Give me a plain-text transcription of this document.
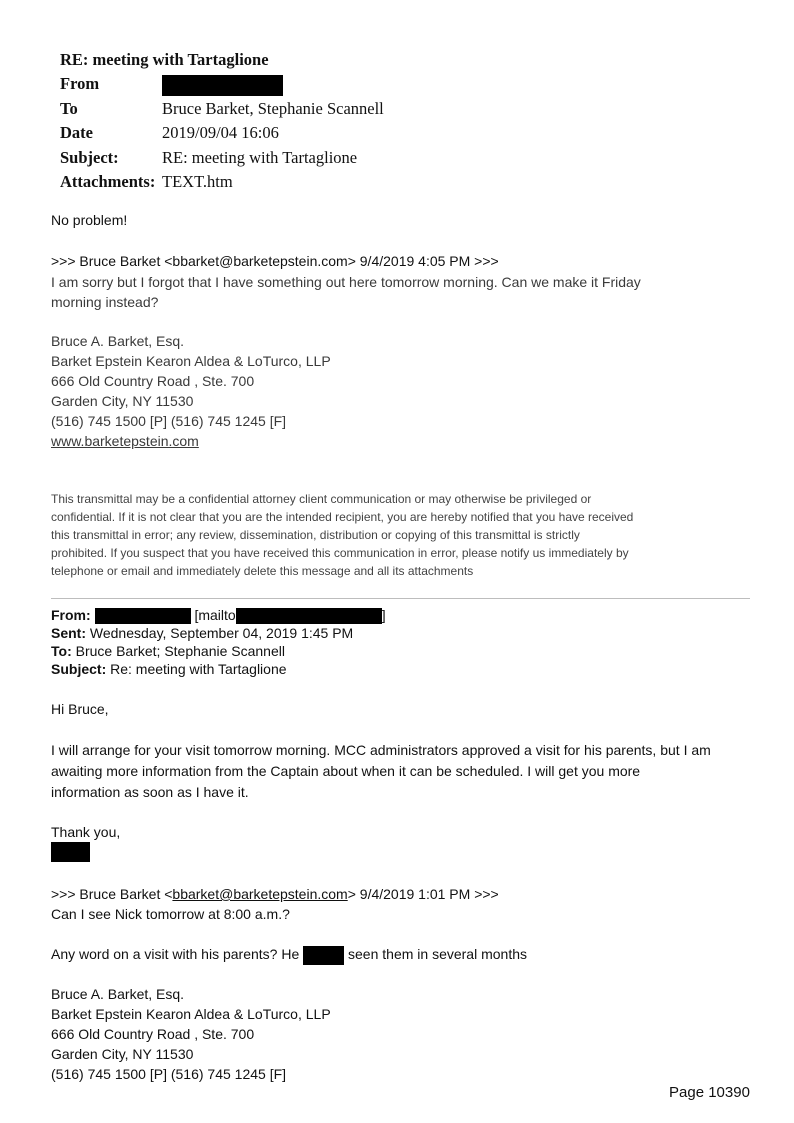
RE: meeting with Tartaglione
From
To	Bruce Barket, Stephanie Scannell
Date	2019/09/04 16:06
Subject:	RE: meeting with Tartaglione
Attachments: TEXT.htm
No problem!
>>> Bruce Barket <bbarket@barketepstein.com> 9/4/2019 4:05 PM >>>
I am sorry but I forgot that I have something out here tomorrow morning. Can we make it Friday
morning instead?
Bruce A. Barket, Esq.
Barket Epstein Kearon Aldea & LoTurco, LLP
666 Old Country Road , Ste. 700
Garden City, NY 11530
(516) 745 1500 [P] (516) 745 1245 [F]
www.barketepstein.com
This transmittal may be a confidential attorney client communication or may otherwise be privileged or
confidential. If it is not clear that you are the intended recipient, you are hereby notified that you have received
this transmittal in error; any review, dissemination, distribution or copying of this transmittal is strictly
prohibited. If you suspect that you have received this communication in error, please notify us immediately by
telephone or email and immediately delete this message and all its attachments
From:	[mailto	]
Sent: Wednesday, September 04, 2019 1:45 PM
To: Bruce Barket; Stephanie Scannell
Subject: Re: meeting with Tartaglione
Hi Bruce,
I will arrange for your visit tomorrow morning. MCC administrators approved a visit for his parents, but I am
awaiting more information from the Captain about when it can be scheduled. I will get you more
information as soon as I have it.
Thank you,
>>> Bruce Barket <bbarket@barketepstein.com> 9/4/2019 1:01 PM >>>
Can I see Nick tomorrow at 8:00 a.m.?
Any word on a visit with his parents? He	seen them in several months
Bruce A. Barket, Esq.
Barket Epstein Kearon Aldea & LoTurco, LLP
666 Old Country Road , Ste. 700
Garden City, NY 11530
(516) 745 1500 [P] (516) 745 1245 [F]
Page 10390
